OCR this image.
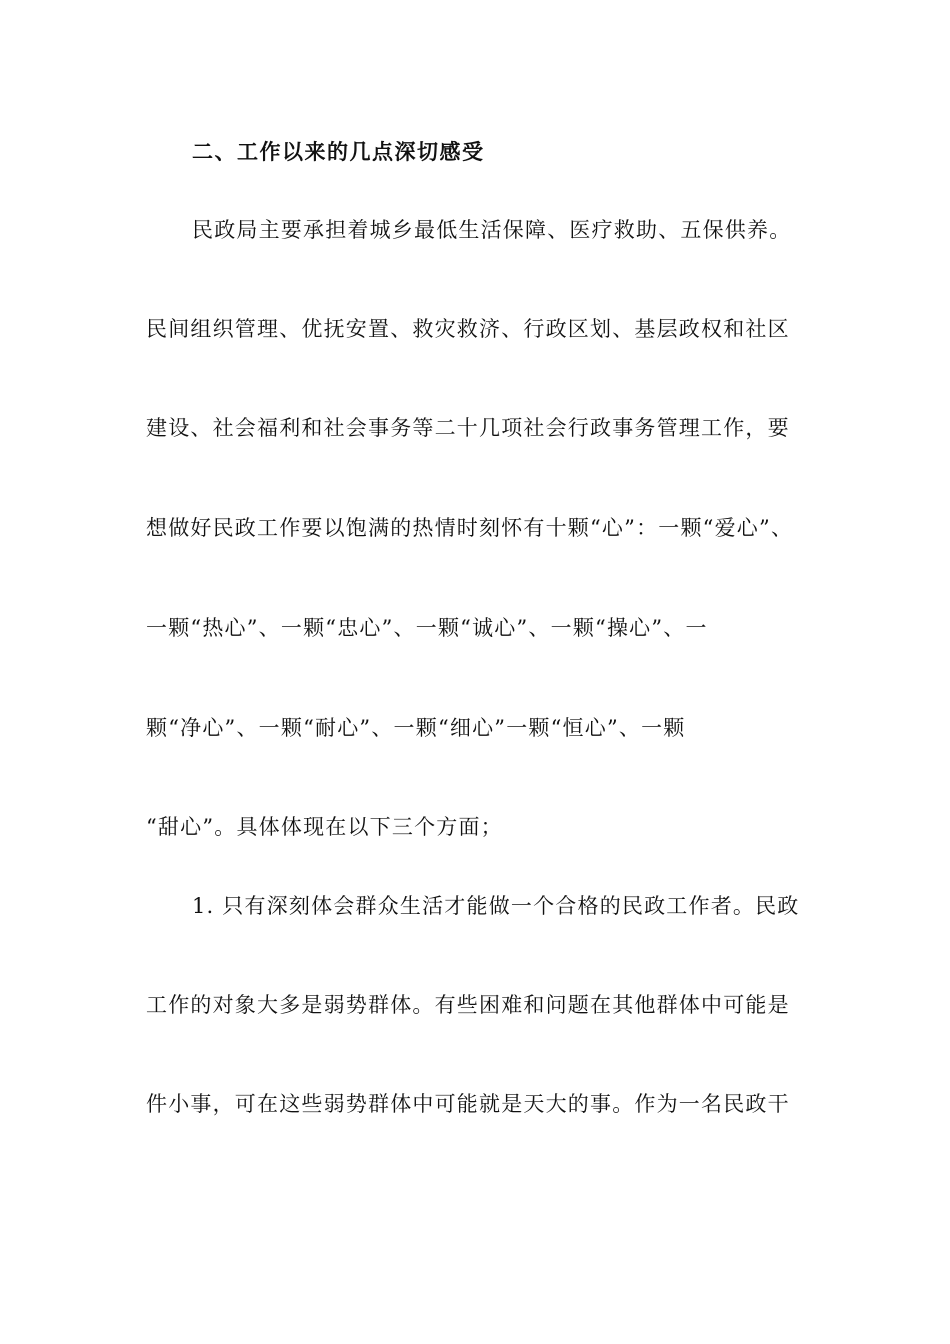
二、工作以来的几点深切感受
民政局主要承担着城乡最低生活保障、医疗救助、五保供养。
民间组织管理、优抚安置、救灾救济、行政区划、基层政权和社区
建设、社会福利和社会事务等二十几项社会行政事务管理工作，要
想做好民政工作要以饱满的热情时刻怀有十颗“心”：一颗“爱心”、
一颗“热心”、一颗“忠心”、一颗“诚心”、一颗“操心”、一
颗“净心”、一颗“耐心”、一颗“细心”一颗“恒心”、一颗
“甜心”。具体体现在以下三个方面；
1. 只有深刻体会群众生活才能做一个合格的民政工作者。民政
工作的对象大多是弱势群体。有些困难和问题在其他群体中可能是
件小事，可在这些弱势群体中可能就是天大的事。作为一名民政干
